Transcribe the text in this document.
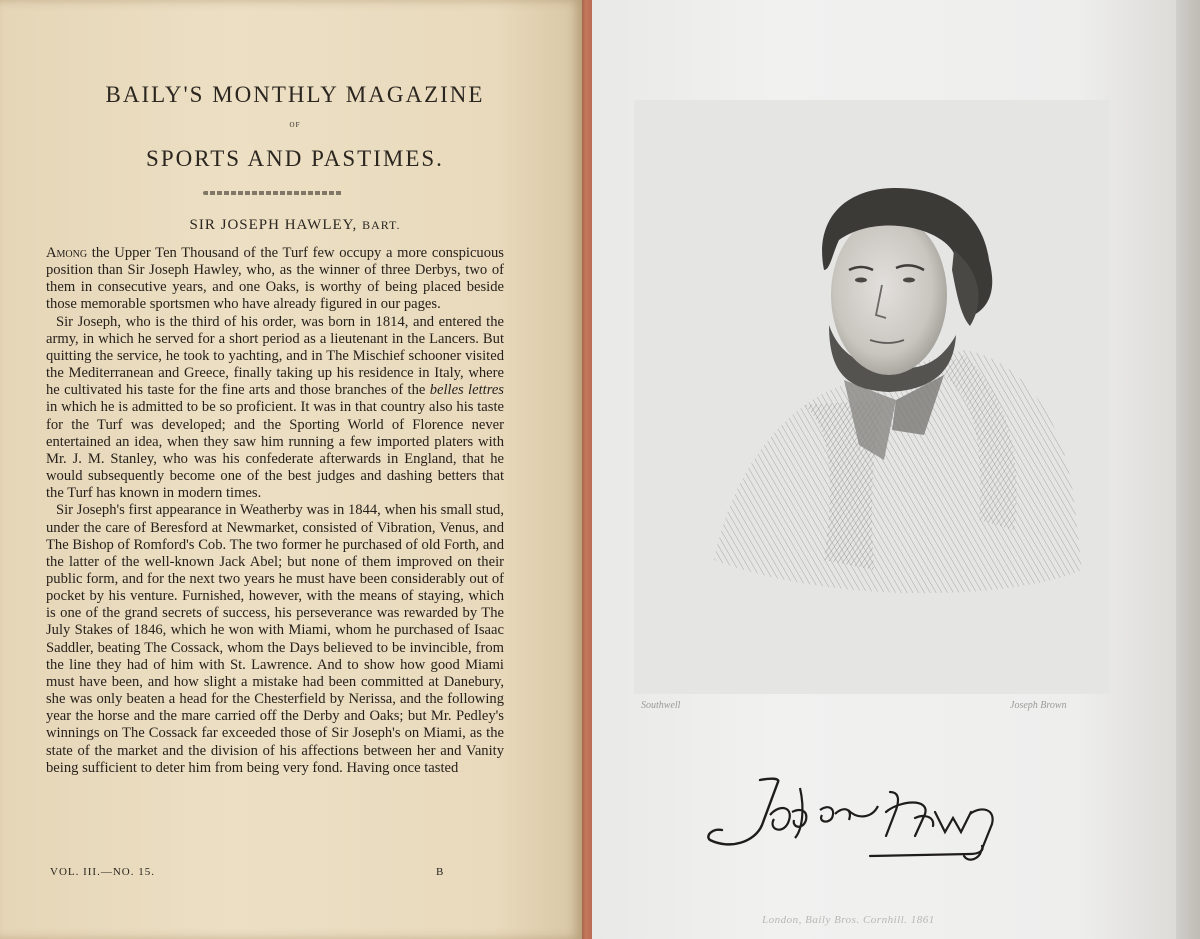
BAILY'S MONTHLY MAGAZINE
OF
SPORTS AND PASTIMES.
SIR JOSEPH HAWLEY, BART.

Among the Upper Ten Thousand of the Turf few occupy a more conspicuous position than Sir Joseph Hawley, who, as the winner of three Derbys, two of them in consecutive years, and one Oaks, is worthy of being placed beside those memorable sportsmen who have already figured in our pages.

Sir Joseph, who is the third of his order, was born in 1814, and entered the army, in which he served for a short period as a lieutenant in the Lancers. But quitting the service, he took to yachting, and in The Mischief schooner visited the Mediterranean and Greece, finally taking up his residence in Italy, where he cultivated his taste for the fine arts and those branches of the belles lettres in which he is admitted to be so proficient. It was in that country also his taste for the Turf was developed; and the Sporting World of Florence never entertained an idea, when they saw him running a few imported platers with Mr. J. M. Stanley, who was his confederate afterwards in England, that he would subsequently become one of the best judges and dashing betters that the Turf has known in modern times.

Sir Joseph's first appearance in Weatherby was in 1844, when his small stud, under the care of Beresford at Newmarket, consisted of Vibration, Venus, and The Bishop of Romford's Cob. The two former he purchased of old Forth, and the latter of the well-known Jack Abel; but none of them improved on their public form, and for the next two years he must have been considerably out of pocket by his venture. Furnished, however, with the means of staying, which is one of the grand secrets of success, his perseverance was rewarded by The July Stakes of 1846, which he won with Miami, whom he purchased of Isaac Saddler, beating The Cossack, whom the Days believed to be invincible, from the line they had of him with St. Lawrence. And to show how good Miami must have been, and how slight a mistake had been committed at Danebury, she was only beaten a head for the Chesterfield by Nerissa, and the following year the horse and the mare carried off the Derby and Oaks; but Mr. Pedley's winnings on The Cossack far exceeded those of Sir Joseph's on Miami, as the state of the market and the division of his affections between her and Vanity being sufficient to deter him from being very fond. Having once tasted

VOL. III.—NO. 15.	B
Southwell	Joseph Brown
London, Baily Bros. Cornhill. 1861
